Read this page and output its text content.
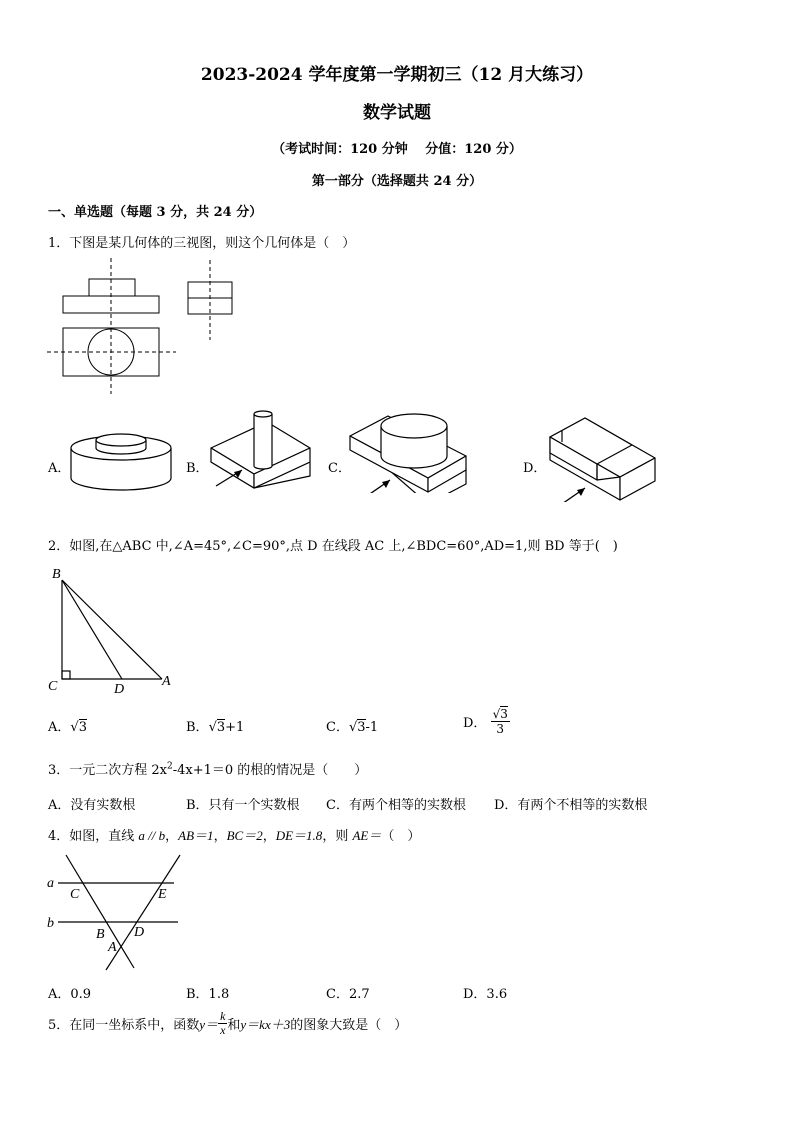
2023-2024 学年度第一学期初三（12 月大练习）
数学试题
（考试时间：120 分钟　 分值：120 分）
第一部分（选择题共 24 分）
一、单选题（每题 3 分，共 24 分）
1．下图是某几何体的三视图，则这个几何体是（　）
A．	B．	C．	D．
2．如图,在△ABC 中,∠A=45°,∠C=90°,点 D 在线段 AC 上,∠BDC=60°,AD=1,则 BD 等于(　)
B
C	D
A
A．√3	B．√3+1	C．√3-1	D． $\frac{√3}{3}$
3．一元二次方程 $2x^2-4x+1=0$ 的根的情况是（　　）
A．没有实数根	B．只有一个实数根 C．有两个相等的实数根 D．有两个不相等的实数根
4．如图，直线 a // b，AB＝1，BC＝2，DE＝1.8，则 AE＝（　）
a
b
C	E
B D
A
A．0.9	B．1.8	C．2.7	D．3.6
5．在同一坐标系中，函数 $y= \frac{k}{x}$ 和 y＝kx＋3 的图象大致是（　）
